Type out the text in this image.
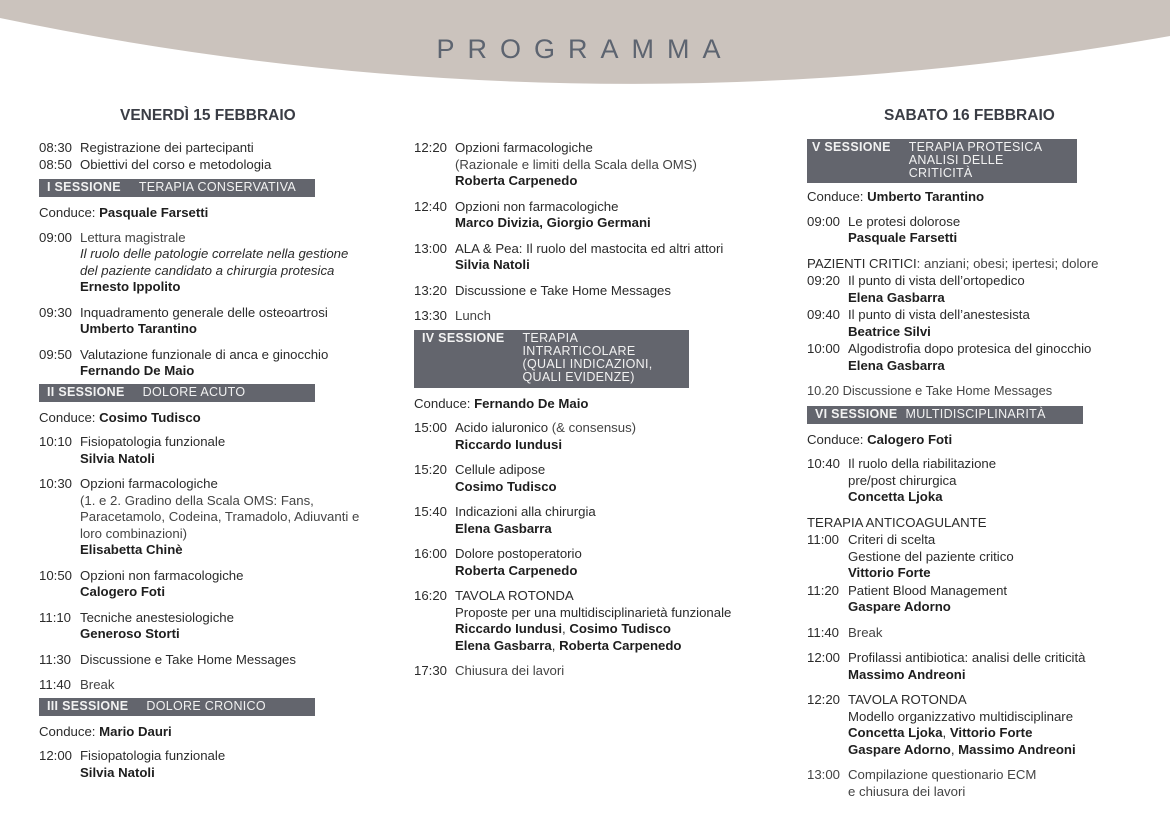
PROGRAMMA
VENERDÌ 15 FEBBRAIO
08:30 Registrazione dei partecipanti
08:50 Obiettivi del corso e metodologia
I SESSIONE TERAPIA CONSERVATIVA
Conduce: Pasquale Farsetti
09:00 Lettura magistrale
Il ruolo delle patologie correlate nella gestione
del paziente candidato a chirurgia protesica
Ernesto Ippolito
09:30 Inquadramento generale delle osteoartrosi
Umberto Tarantino
09:50 Valutazione funzionale di anca e ginocchio
Fernando De Maio
II SESSIONE DOLORE ACUTO
Conduce: Cosimo Tudisco
10:10 Fisiopatologia funzionale
Silvia Natoli
10:30 Opzioni farmacologiche
(1. e 2. Gradino della Scala OMS: Fans,
Paracetamolo, Codeina, Tramadolo, Adiuvanti e
loro combinazioni)
Elisabetta Chinè
10:50 Opzioni non farmacologiche
Calogero Foti
11:10 Tecniche anestesiologiche
Generoso Storti
11:30 Discussione e Take Home Messages
11:40 Break
III SESSIONE DOLORE CRONICO
Conduce: Mario Dauri
12:00 Fisiopatologia funzionale
Silvia Natoli
12:20 Opzioni farmacologiche
(Razionale e limiti della Scala della OMS)
Roberta Carpenedo
12:40 Opzioni non farmacologiche
Marco Divizia, Giorgio Germani
13:00 ALA & Pea: Il ruolo del mastocita ed altri attori
Silvia Natoli
13:20 Discussione e Take Home Messages
13:30 Lunch
IV SESSIONE TERAPIA INTRARTICOLARE (QUALI INDICAZIONI, QUALI EVIDENZE)
Conduce: Fernando De Maio
15:00 Acido ialuronico (& consensus)
Riccardo Iundusi
15:20 Cellule adipose
Cosimo Tudisco
15:40 Indicazioni alla chirurgia
Elena Gasbarra
16:00 Dolore postoperatorio
Roberta Carpenedo
16:20 TAVOLA ROTONDA
Proposte per una multidisciplinarietà funzionale
Riccardo Iundusi, Cosimo Tudisco
Elena Gasbarra, Roberta Carpenedo
17:30 Chiusura dei lavori
SABATO 16 FEBBRAIO
V SESSIONE TERAPIA PROTESICA ANALISI DELLE CRITICITÀ
Conduce: Umberto Tarantino
09:00 Le protesi dolorose
Pasquale Farsetti
PAZIENTI CRITICI: anziani; obesi; ipertesi; dolore
09:20 Il punto di vista dell’ortopedico
Elena Gasbarra
09:40 Il punto di vista dell’anestesista
Beatrice Silvi
10:00 Algodistrofia dopo protesica del ginocchio
Elena Gasbarra
10.20
Discussione e Take Home Messages
VI SESSIONE MULTIDISCIPLINARITÀ
Conduce: Calogero Foti
10:40 Il ruolo della riabilitazione
pre/post chirurgica
Concetta Ljoka
TERAPIA ANTICOAGULANTE
11:00 Criteri di scelta
Gestione del paziente critico
Vittorio Forte
11:20 Patient Blood Management
Gaspare Adorno
11:40 Break
12:00 Profilassi antibiotica: analisi delle criticità
Massimo Andreoni
12:20 TAVOLA ROTONDA
Modello organizzativo multidisciplinare
Concetta Ljoka, Vittorio Forte
Gaspare Adorno, Massimo Andreoni
13:00 Compilazione questionario ECM
e chiusura dei lavori
